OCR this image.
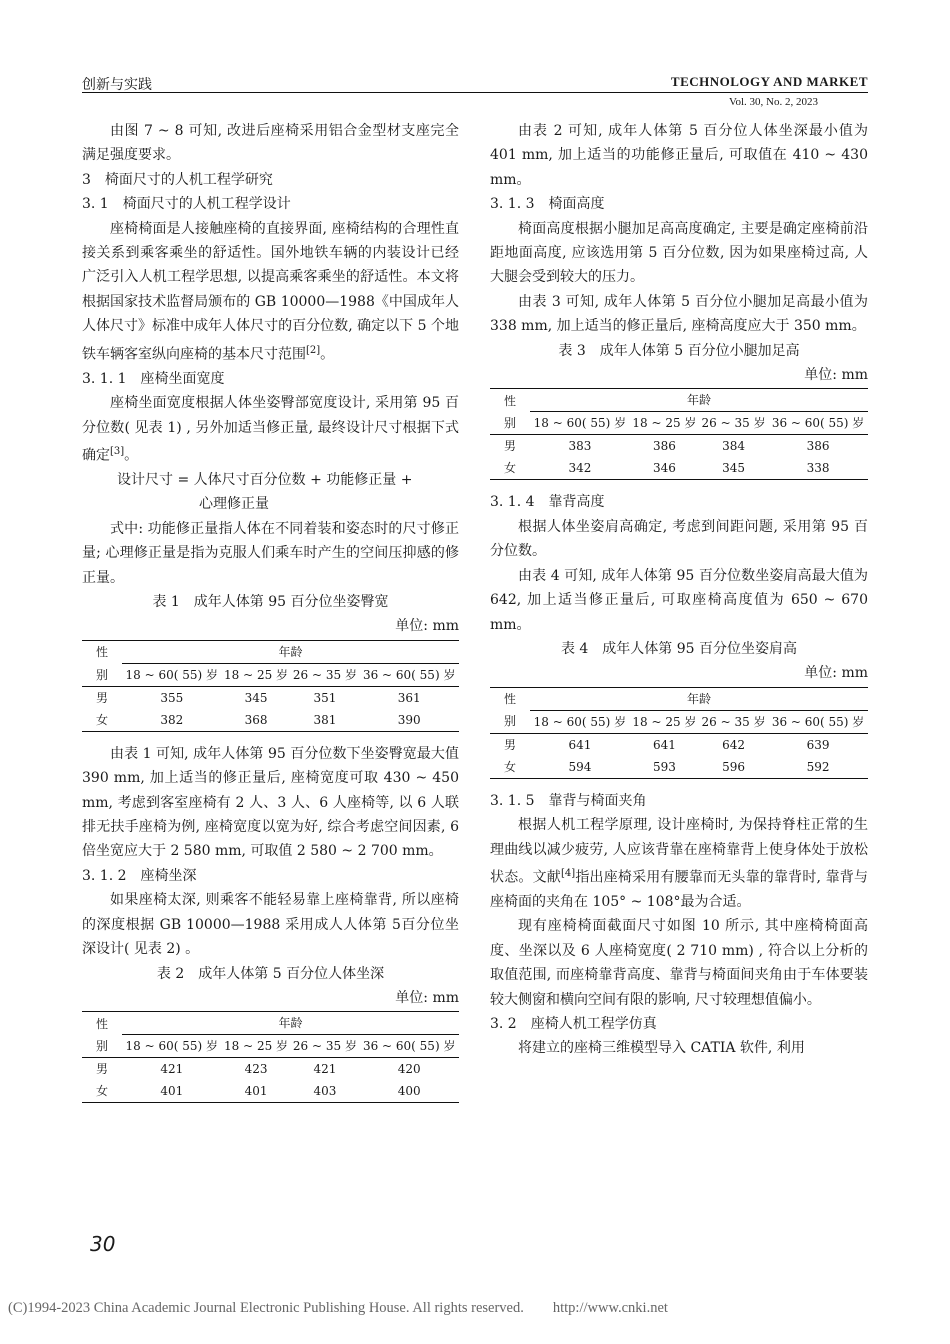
创新与实践	TECHNOLOGY AND MARKET
Vol. 30, No. 2, 2023

由图 7 ~ 8 可知, 改进后座椅采用铝合金型材支座完全满足强度要求。

3　椅面尺寸的人机工程学研究

3. 1　椅面尺寸的人机工程学设计

座椅椅面是人接触座椅的直接界面, 座椅结构的合理性直接关系到乘客乘坐的舒适性。国外地铁车辆的内装设计已经广泛引入人机工程学思想, 以提高乘客乘坐的舒适性。本文将根据国家技术监督局颁布的 GB 10000—1988《中国成年人人体尺寸》标准中成年人体尺寸的百分位数, 确定以下 5 个地铁车辆客室纵向座椅的基本尺寸范围[2]。

3. 1. 1　座椅坐面宽度

座椅坐面宽度根据人体坐姿臀部宽度设计, 采用第 95 百分位数( 见表 1) , 另外加适当修正量, 最终设计尺寸根据下式确定[3]。

设计尺寸 = 人体尺寸百分位数 + 功能修正量 +

心理修正量

式中: 功能修正量指人体在不同着装和姿态时的尺寸修正量; 心理修正量是指为克服人们乘车时产生的空间压抑感的修正量。

表 1　成年人体第 95 百分位坐姿臀宽

单位: mm

性	年龄			
别	18 ~ 60( 55) 岁	18 ~ 25 岁	26 ~ 35 岁	36 ~ 60( 55) 岁
男	355	345	351	361
女	382	368	381	390

由表 1 可知, 成年人体第 95 百分位数下坐姿臀宽最大值 390 mm, 加上适当的修正量后, 座椅宽度可取 430 ~ 450 mm, 考虑到客室座椅有 2 人、3 人、6 人座椅等, 以 6 人联排无扶手座椅为例, 座椅宽度以宽为好, 综合考虑空间因素, 6 倍坐宽应大于 2 580 mm, 可取值 2 580 ~ 2 700 mm。

3. 1. 2　座椅坐深

如果座椅太深, 则乘客不能轻易靠上座椅靠背, 所以座椅的深度根据 GB 10000—1988 采用成人人体第 5百分位坐深设计( 见表 2) 。

表 2　成年人体第 5 百分位人体坐深

单位: mm

性	年龄			
别	18 ~ 60( 55) 岁	18 ~ 25 岁	26 ~ 35 岁	36 ~ 60( 55) 岁
男	421	423	421	420
女	401	401	403	400

由表 2 可知, 成年人体第 5 百分位人体坐深最小值为 401 mm, 加上适当的功能修正量后, 可取值在 410 ~ 430 mm。

3. 1. 3　椅面高度

椅面高度根据小腿加足高高度确定, 主要是确定座椅前沿距地面高度, 应该选用第 5 百分位数, 因为如果座椅过高, 人大腿会受到较大的压力。

由表 3 可知, 成年人体第 5 百分位小腿加足高最小值为 338 mm, 加上适当的修正量后, 座椅高度应大于 350 mm。

表 3　成年人体第 5 百分位小腿加足高

单位: mm

性	年龄			
别	18 ~ 60( 55) 岁	18 ~ 25 岁	26 ~ 35 岁	36 ~ 60( 55) 岁
男	383	386	384	386
女	342	346	345	338

3. 1. 4　靠背高度

根据人体坐姿肩高确定, 考虑到间距问题, 采用第 95 百分位数。

由表 4 可知, 成年人体第 95 百分位数坐姿肩高最大值为 642, 加上适当修正量后, 可取座椅高度值为 650 ~ 670 mm。

表 4　成年人体第 95 百分位坐姿肩高

单位: mm

性	年龄			
别	18 ~ 60( 55) 岁	18 ~ 25 岁	26 ~ 35 岁	36 ~ 60( 55) 岁
男	641	641	642	639
女	594	593	596	592

3. 1. 5　靠背与椅面夹角

根据人机工程学原理, 设计座椅时, 为保持脊柱正常的生理曲线以减少疲劳, 人应该背靠在座椅靠背上使身体处于放松状态。文献[4]指出座椅采用有腰靠而无头靠的靠背时, 靠背与座椅面的夹角在 105° ~ 108°最为合适。

现有座椅椅面截面尺寸如图 10 所示, 其中座椅椅面高度、坐深以及 6 人座椅宽度( 2 710 mm) , 符合以上分析的取值范围, 而座椅靠背高度、靠背与椅面间夹角由于车体要装较大侧窗和横向空间有限的影响, 尺寸较理想值偏小。

3. 2　座椅人机工程学仿真

将建立的座椅三维模型导入 CATIA 软件, 利用

30
(C)1994-2023 China Academic Journal Electronic Publishing House. All rights reserved.　　http://www.cnki.net
